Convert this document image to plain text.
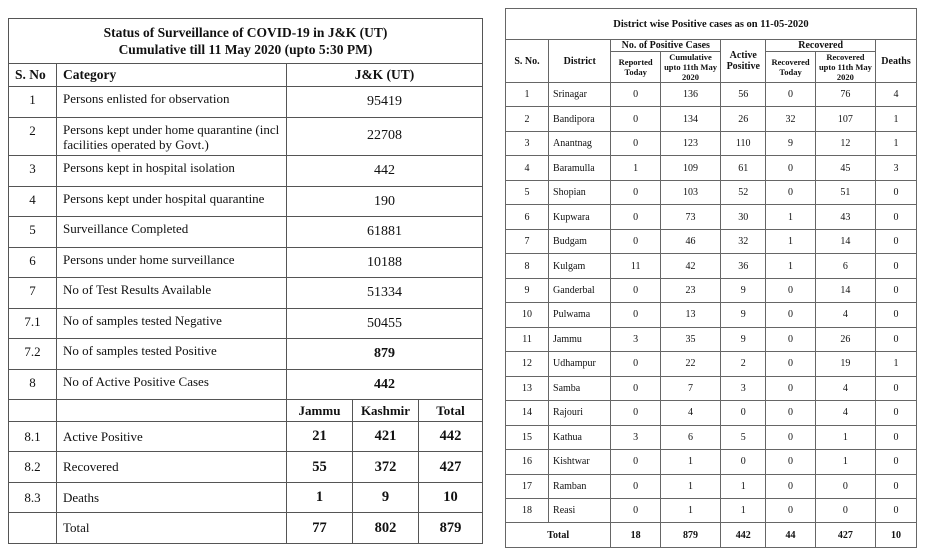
Status of Surveillance of COVID-19 in J&K (UT)
Cumulative till 11 May 2020 (upto 5:30 PM)				

S. No	Category	J&K (UT)		
1	Persons enlisted for observation	95419		
2	Persons kept under home quarantine (incl facilities operated by Govt.)	22708		
3	Persons kept in hospital isolation	442		
4	Persons kept under hospital quarantine	190		
5	Surveillance Completed	61881		
6	Persons under home surveillance	10188		
7	No of Test Results Available	51334		
7.1	No of samples tested Negative	50455		
7.2	No of samples tested Positive	879		
8	No of Active Positive Cases	442		
		Jammu	Kashmir	Total
8.1	Active Positive	21	421	442
8.2	Recovered	55	372	427
8.3	Deaths	1	9	10
	Total	77	802	879
District wise Positive cases as on 11-05-2020							
S. No.	District	No. of Positive Cases		Active Positive	Recovered		Deaths
		Reported Today	Cumulative upto 11th May 2020		Recovered Today	Recovered upto 11th May 2020	
1	Srinagar	0	136	56	0	76	4
2	Bandipora	0	134	26	32	107	1
3	Anantnag	0	123	110	9	12	1
4	Baramulla	1	109	61	0	45	3
5	Shopian	0	103	52	0	51	0
6	Kupwara	0	73	30	1	43	0
7	Budgam	0	46	32	1	14	0
8	Kulgam	11	42	36	1	6	0
9	Ganderbal	0	23	9	0	14	0
10	Pulwama	0	13	9	0	4	0
11	Jammu	3	35	9	0	26	0
12	Udhampur	0	22	2	0	19	1
13	Samba	0	7	3	0	4	0
14	Rajouri	0	4	0	0	4	0
15	Kathua	3	6	5	0	1	0
16	Kishtwar	0	1	0	0	1	0
17	Ramban	0	1	1	0	0	0
18	Reasi	0	1	1	0	0	0
Total		18	879	442	44	427	10
